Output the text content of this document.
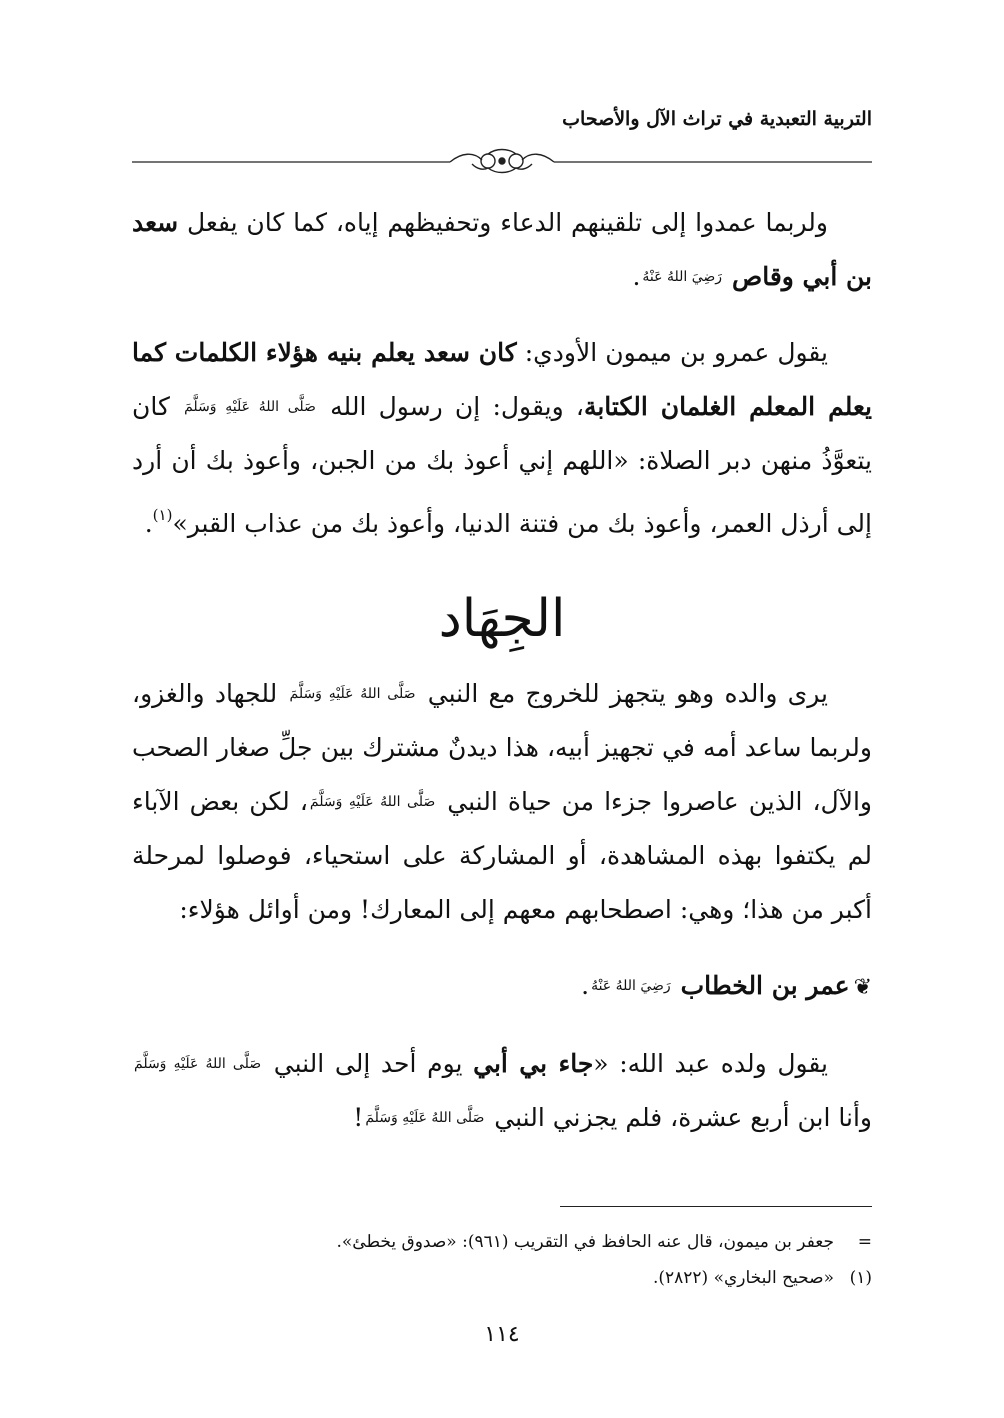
التربية التعبدية في تراث الآل والأصحاب

ولربما عمدوا إلى تلقينهم الدعاء وتحفيظهم إياه، كما كان يفعل سعد بن أبي وقاص رَضِيَ اللهُ عَنْهُ.

يقول عمرو بن ميمون الأودي: كان سعد يعلم بنيه هؤلاء الكلمات كما يعلم المعلم الغلمان الكتابة، ويقول: إن رسول الله صَلَّى اللهُ عَلَيْهِ وَسَلَّمَ كان يتعوَّذُ منهن دبر الصلاة: «اللهم إني أعوذ بك من الجبن، وأعوذ بك أن أرد إلى أرذل العمر، وأعوذ بك من فتنة الدنيا، وأعوذ بك من عذاب القبر»$^{(١)}$.

الجِهَاد

يرى والده وهو يتجهز للخروج مع النبي صَلَّى اللهُ عَلَيْهِ وَسَلَّمَ للجهاد والغزو، ولربما ساعد أمه في تجهيز أبيه، هذا ديدنٌ مشترك بين جلِّ صغار الصحب والآل، الذين عاصروا جزءا من حياة النبي صَلَّى اللهُ عَلَيْهِ وَسَلَّمَ، لكن بعض الآباء لم يكتفوا بهذه المشاهدة، أو المشاركة على استحياء، فوصلوا لمرحلة أكبر من هذا؛ وهي: اصطحابهم معهم إلى المعارك! ومن أوائل هؤلاء:

❦عمر بن الخطاب رَضِيَ اللهُ عَنْهُ.

يقول ولده عبد الله: «جاء بي أبي يوم أحد إلى النبي صَلَّى اللهُ عَلَيْهِ وَسَلَّمَ وأنا ابن أربع عشرة، فلم يجزني النبي صَلَّى اللهُ عَلَيْهِ وَسَلَّمَ!

=جعفر بن ميمون، قال عنه الحافظ في التقريب (٩٦١): «صدوق يخطئ».

(١)«صحيح البخاري» (٢٨٢٢).

١١٤
